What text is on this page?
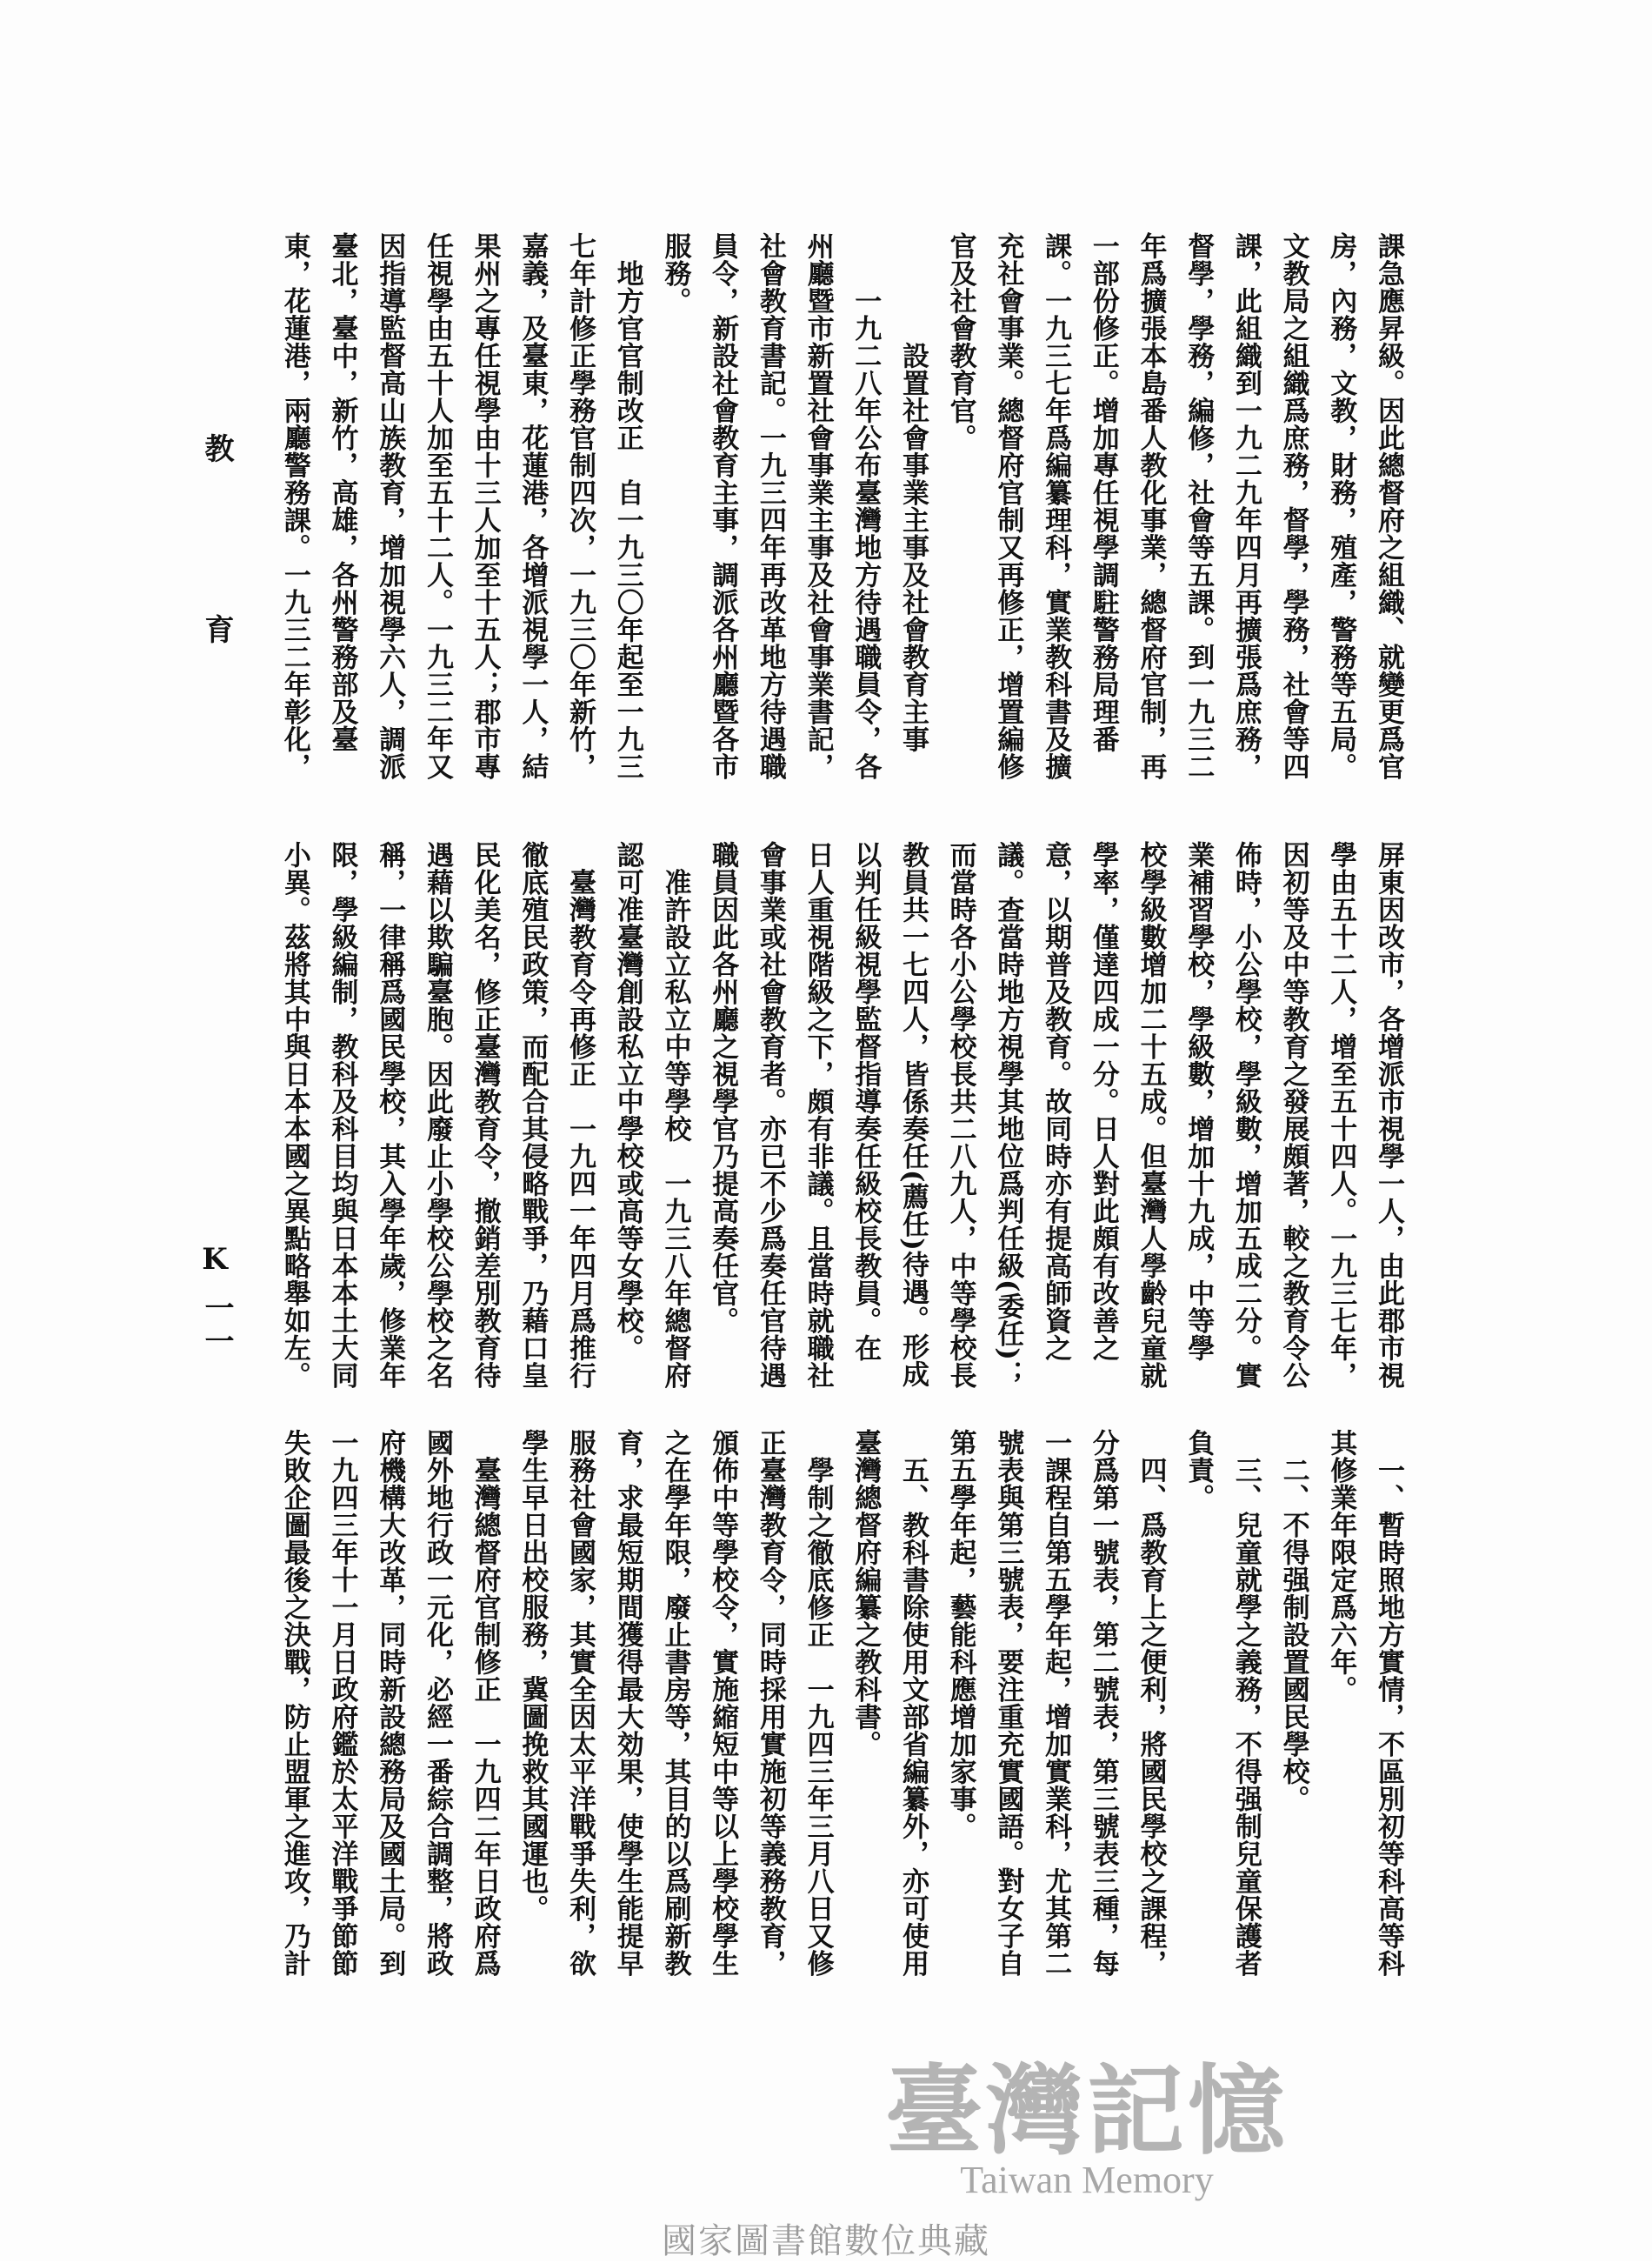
教
育
K一一
課急應昇級。因此總督府之組織、就變更爲官
房，內務，文教，財務，殖產，警務等五局。
文教局之組織爲庶務，督學，學務，社會等四
課，此組織到一九二九年四月再擴張爲庶務，
督學，學務，編修，社會等五課。到一九三二
年爲擴張本島番人教化事業，總督府官制，再
一部份修正。增加專任視學調駐警務局理番
課。一九三七年爲編纂理科，實業教科書及擴
充社會事業。總督府官制又再修正，增置編修
官及社會教育官。
　　　　設置社會事業主事及社會教育主事
　　一九二八年公布臺灣地方待遇職員令，各
州廳暨市新置社會事業主事及社會事業書記，
社會教育書記。一九三四年再改革地方待遇職
員令，新設社會教育主事，調派各州廳暨各市
服務。
　地方官官制改正　自一九三〇年起至一九三
七年計修正學務官制四次，一九三〇年新竹，
嘉義，及臺東，花蓮港，各增派視學一人，結
果州之專任視學由十三人加至十五人；郡市專
任視學由五十人加至五十二人。一九三二年又
因指導監督高山族教育，增加視學六人，調派
臺北，臺中，新竹，高雄，各州警務部及臺
東，花蓮港，兩廳警務課。一九三二年彰化，
屏東因改市，各增派市視學一人，由此郡市視
學由五十二人，增至五十四人。一九三七年，
因初等及中等教育之發展頗著，較之教育令公
佈時，小公學校，學級數，增加五成二分。實
業補習學校，學級數，增加十九成，中等學
校學級數增加二十五成。但臺灣人學齡兒童就
學率，僅達四成一分。日人對此頗有改善之
意，以期普及教育。故同時亦有提高師資之
議。查當時地方視學其地位爲判任級(委任)；
而當時各小公學校長共二八九人，中等學校長
教員共一七四人，皆係奏任(薦任)待遇。形成
以判任級視學監督指導奏任級校長教員。在
日人重視階級之下，頗有非議。且當時就職社
會事業或社會教育者。亦已不少爲奏任官待遇
職員因此各州廳之視學官乃提高奏任官。
　准許設立私立中等學校　一九三八年總督府
認可准臺灣創設私立中學校或高等女學校。
　臺灣教育令再修正　一九四一年四月爲推行
徹底殖民政策，而配合其侵略戰爭，乃藉口皇
民化美名，修正臺灣教育令，撤銷差別教育待
遇藉以欺騙臺胞。因此廢止小學校公學校之名
稱，一律稱爲國民學校，其入學年歲，修業年
限，學級編制，教科及科目均與日本本土大同
小異。茲將其中與日本本國之異點略舉如左。
　一、暫時照地方實情，不區別初等科高等科
其修業年限定爲六年。
　二、不得强制設置國民學校。
　三、兒童就學之義務，不得强制兒童保護者
負責。
　四、爲教育上之便利，將國民學校之課程，
分爲第一號表，第二號表，第三號表三種，每
一課程自第五學年起，增加實業科，尤其第二
號表與第三號表，要注重充實國語。對女子自
第五學年起，藝能科應增加家事。
　五、教科書除使用文部省編纂外，亦可使用
臺灣總督府編纂之教科書。
　學制之徹底修正　一九四三年三月八日又修
正臺灣教育令，同時採用實施初等義務教育，
頒佈中等學校令，實施縮短中等以上學校學生
之在學年限，廢止書房等，其目的以爲刷新教
育，求最短期間獲得最大効果，使學生能提早
服務社會國家，其實全因太平洋戰爭失利，欲
學生早日出校服務，冀圖挽救其國運也。
　臺灣總督府官制修正　一九四二年日政府爲
國外地行政一元化，必經一番綜合調整，將政
府機構大改革，同時新設總務局及國土局。到
一九四三年十一月日政府鑑於太平洋戰爭節節
失敗企圖最後之決戰，防止盟軍之進攻，乃計
臺灣記憶
Taiwan Memory
國家圖書館數位典藏
